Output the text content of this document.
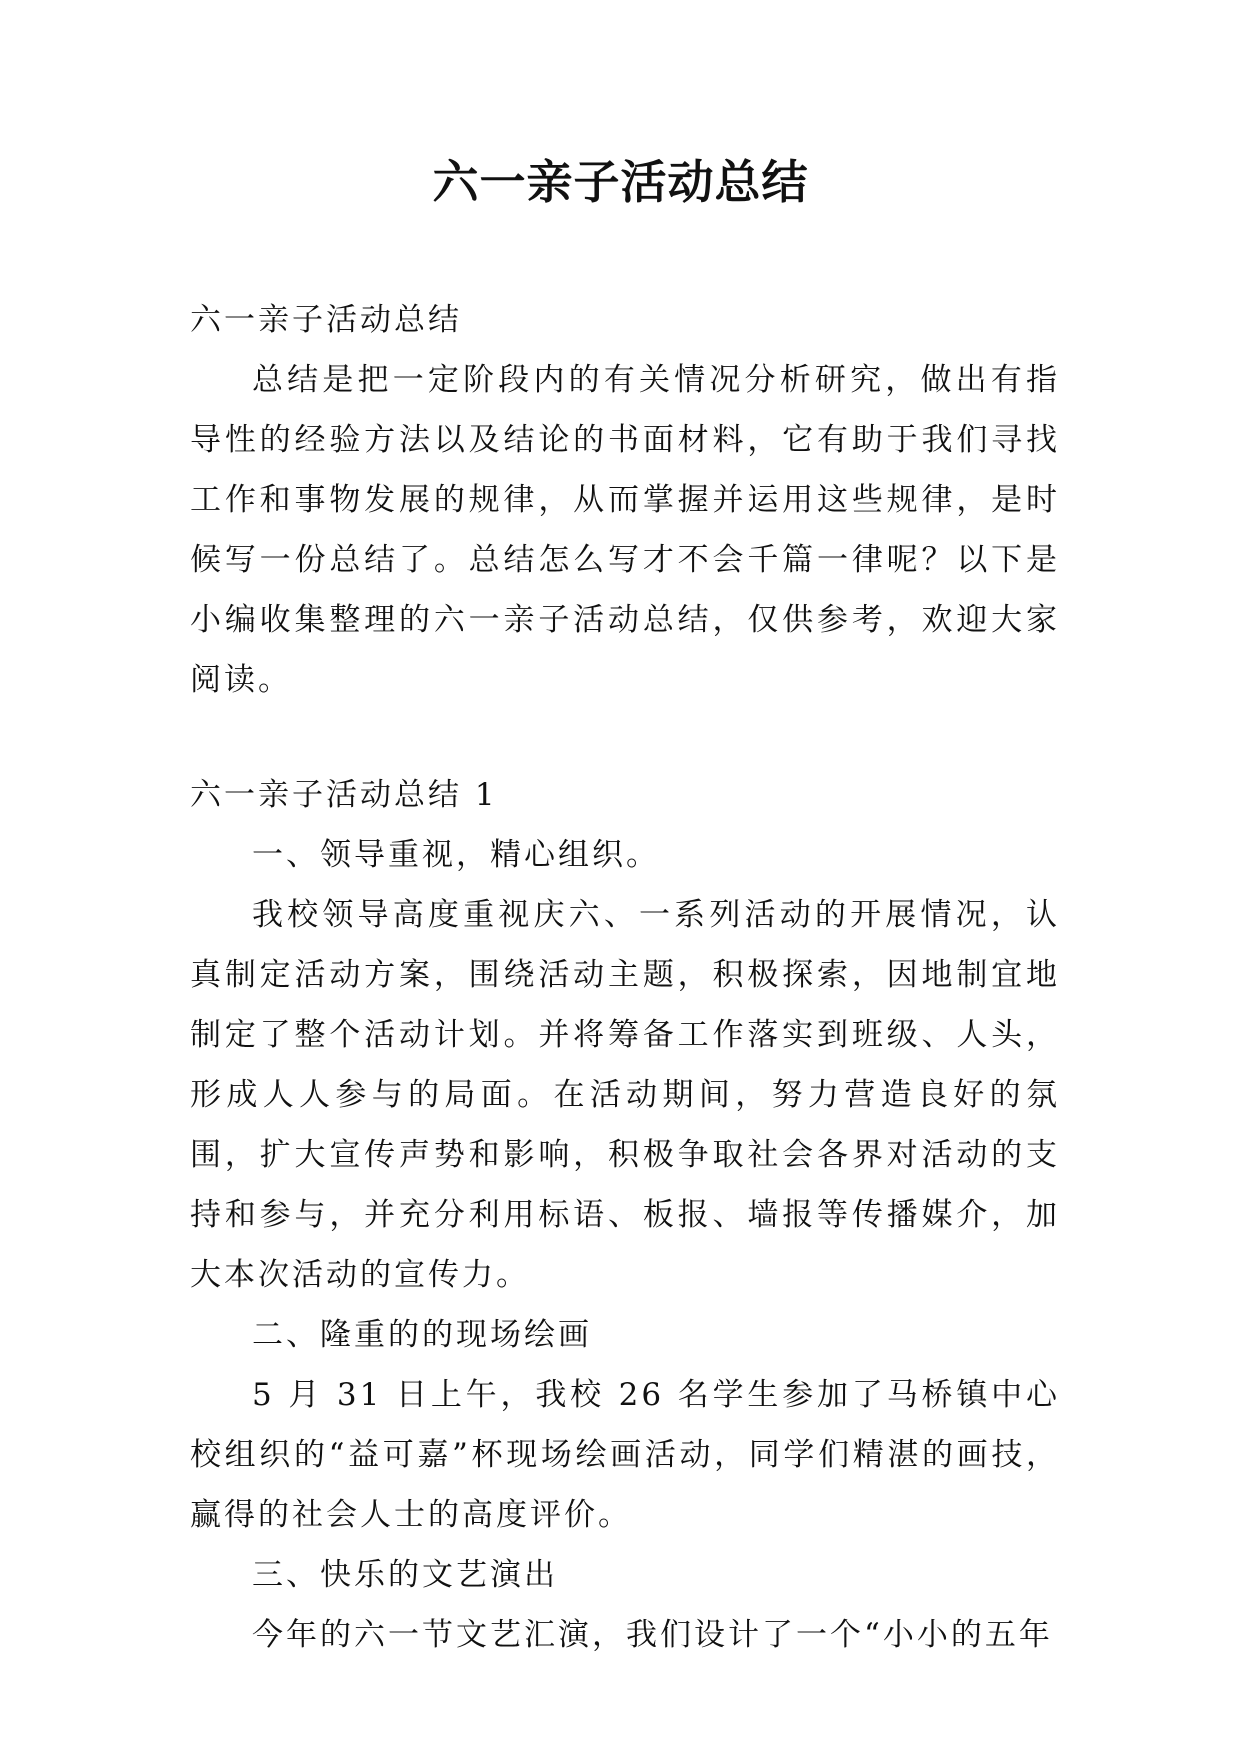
六一亲子活动总结

六一亲子活动总结

总结是把一定阶段内的有关情况分析研究，做出有指导性的经验方法以及结论的书面材料，它有助于我们寻找工作和事物发展的规律，从而掌握并运用这些规律，是时候写一份总结了。总结怎么写才不会千篇一律呢？以下是小编收集整理的六一亲子活动总结，仅供参考，欢迎大家阅读。

六一亲子活动总结 1

一、领导重视，精心组织。

我校领导高度重视庆六、一系列活动的开展情况，认真制定活动方案，围绕活动主题，积极探索，因地制宜地制定了整个活动计划。并将筹备工作落实到班级、人头，形成人人参与的局面。在活动期间，努力营造良好的氛围，扩大宣传声势和影响，积极争取社会各界对活动的支持和参与，并充分利用标语、板报、墙报等传播媒介，加大本次活动的宣传力。

二、隆重的的现场绘画

5 月 31 日上午，我校 26 名学生参加了马桥镇中心校组织的“益可嘉”杯现场绘画活动，同学们精湛的画技，赢得的社会人士的高度评价。

三、快乐的文艺演出

今年的六一节文艺汇演，我们设计了一个“小小的五年
